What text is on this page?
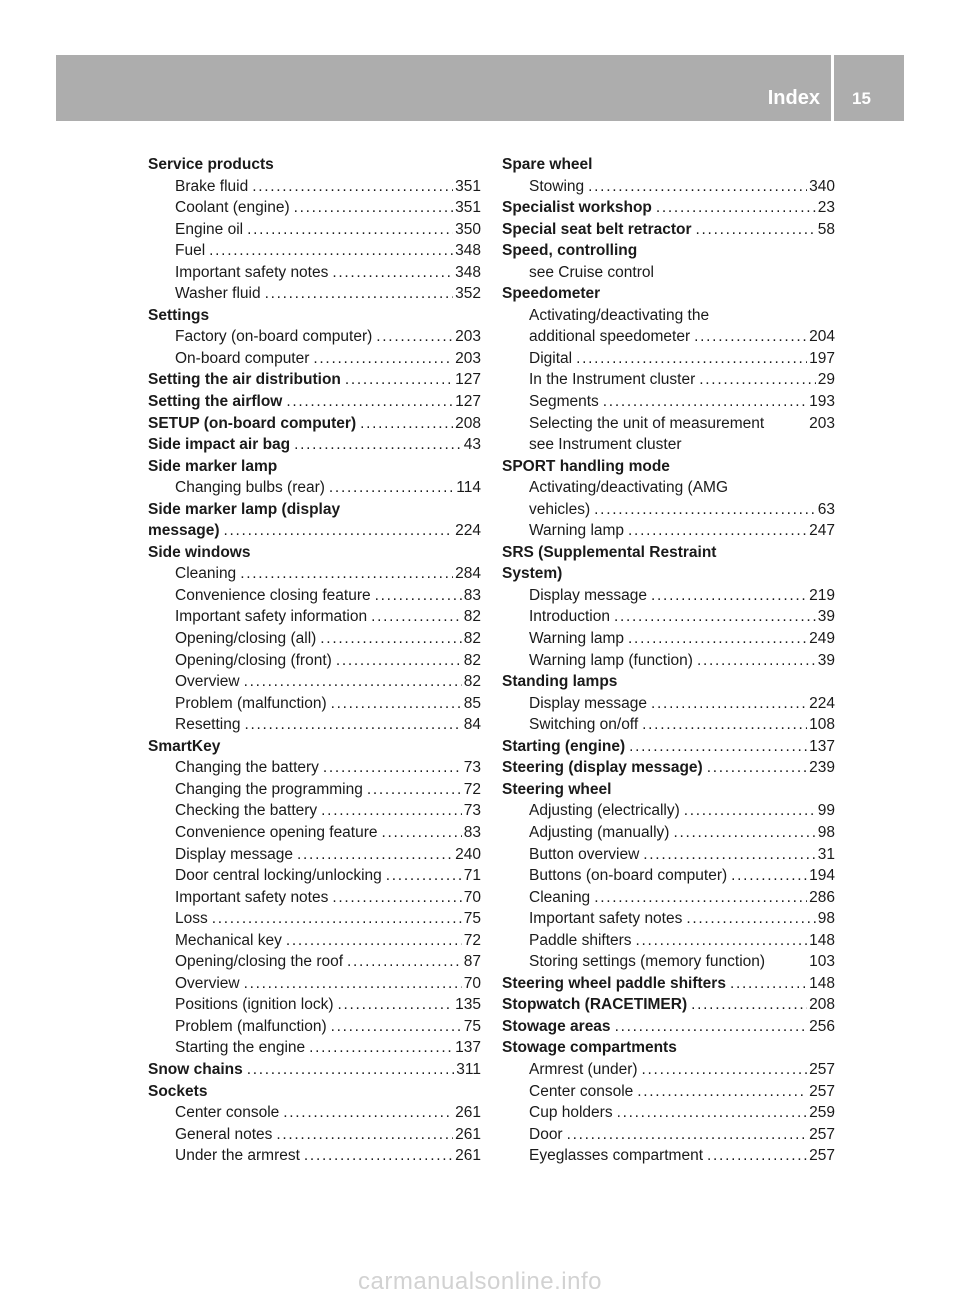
Index 15
Service products
Brake fluid . . .	351
Coolant (engine) . . .	351
Engine oil . . .	350
Fuel . . .	348
Important safety notes . . .	348
Washer fluid . . .	352
Settings
Factory (on-board computer) . . .	203
On-board computer . . .	203
Setting the air distribution . . .	127
Setting the airflow . . .	127
SETUP (on-board computer) . . .	208
Side impact air bag . . .	43
Side marker lamp
Changing bulbs (rear) . . .	114
Side marker lamp (display
message) . . .	224
Side windows
Cleaning . . .	284
Convenience closing feature . . .	83
Important safety information . . .	82
Opening/closing (all) . . .	82
Opening/closing (front) . . .	82
Overview . . .	82
Problem (malfunction) . . .	85
Resetting . . .	84
SmartKey
Changing the battery . . .	73
Changing the programming . . .	72
Checking the battery . . .	73
Convenience opening feature . . .	83
Display message . . .	240
Door central locking/unlocking . . .	71
Important safety notes . . .	70
Loss . . .	75
Mechanical key . . .	72
Opening/closing the roof . . .	87
Overview . . .	70
Positions (ignition lock) . . .	135
Problem (malfunction) . . .	75
Starting the engine . . .	137
Snow chains . . .	311
Sockets
Center console . . .	261
General notes . . .	261
Under the armrest . . .	261
Spare wheel
Stowing . . .	340
Specialist workshop . . .	23
Special seat belt retractor . . .	58
Speed, controlling
see Cruise control
Speedometer
Activating/deactivating the
additional speedometer . . .	204
Digital . . .	197
In the Instrument cluster . . .	29
Segments . . .	193
Selecting the unit of measurement	203
see Instrument cluster
SPORT handling mode
Activating/deactivating (AMG
vehicles) . . .	63
Warning lamp . . .	247
SRS (Supplemental Restraint
System)
Display message . . .	219
Introduction . . .	39
Warning lamp . . .	249
Warning lamp (function) . . .	39
Standing lamps
Display message . . .	224
Switching on/off . . .	108
Starting (engine) . . .	137
Steering (display message) . . .	239
Steering wheel
Adjusting (electrically) . . .	99
Adjusting (manually) . . .	98
Button overview . . .	31
Buttons (on-board computer) . . .	194
Cleaning . . .	286
Important safety notes . . .	98
Paddle shifters . . .	148
Storing settings (memory function)	103
Steering wheel paddle shifters . . .	148
Stopwatch (RACETIMER) . . .	208
Stowage areas . . .	256
Stowage compartments
Armrest (under) . . .	257
Center console . . .	257
Cup holders . . .	259
Door . . .	257
Eyeglasses compartment . . .	257
carmanualsonline.info
